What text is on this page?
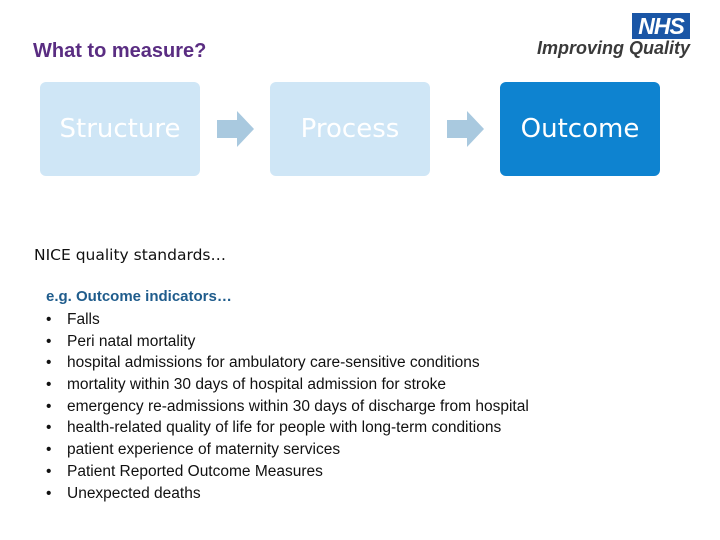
What to measure?
NHS
Improving Quality
Structure	Process	Outcome
NICE quality standards…
e.g. Outcome indicators…
• Falls
• Peri natal mortality
• hospital admissions for ambulatory care-sensitive conditions
• mortality within 30 days of hospital admission for stroke
• emergency re-admissions within 30 days of discharge from hospital
• health-related quality of life for people with long-term conditions
• patient experience of maternity services
• Patient Reported Outcome Measures
• Unexpected deaths
